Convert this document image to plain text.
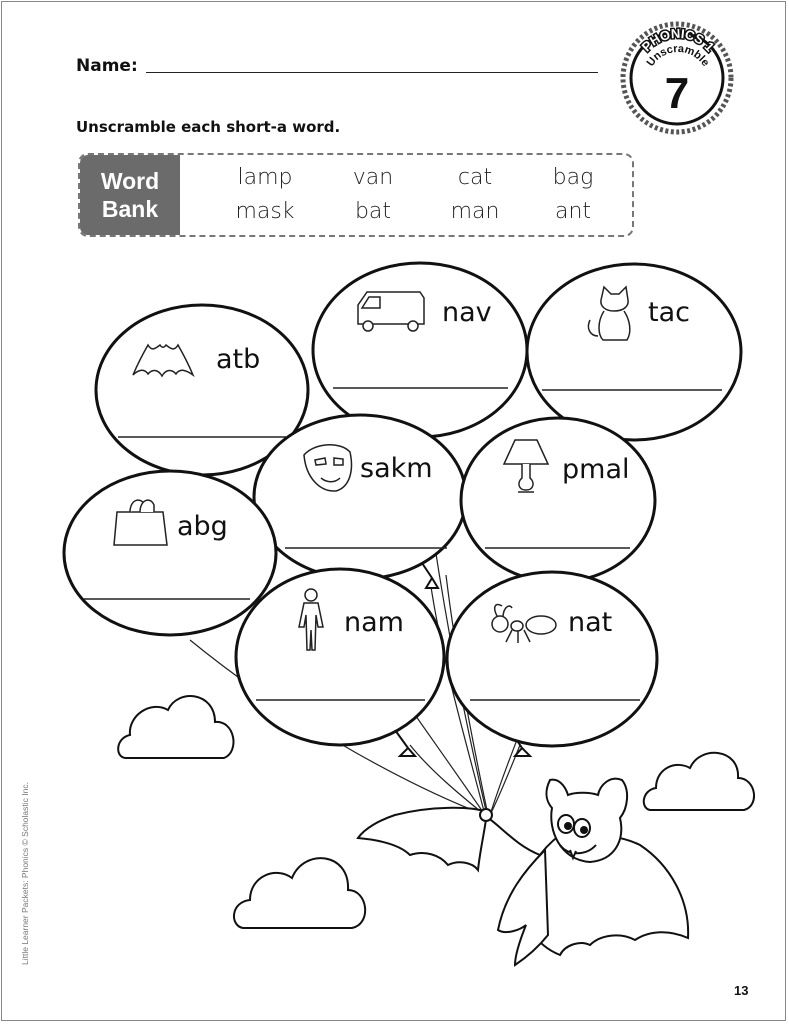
Name:
Unscramble each short-a word.
Word
Bank
lamp	van	cat	bag
mask	bat	man	ant
PHONICS 1
Unscramble
7
atb
nav	tac
sakm	pmal
abg
nam	nat
Little Learner Packets: Phonics © Scholastic Inc.
13
